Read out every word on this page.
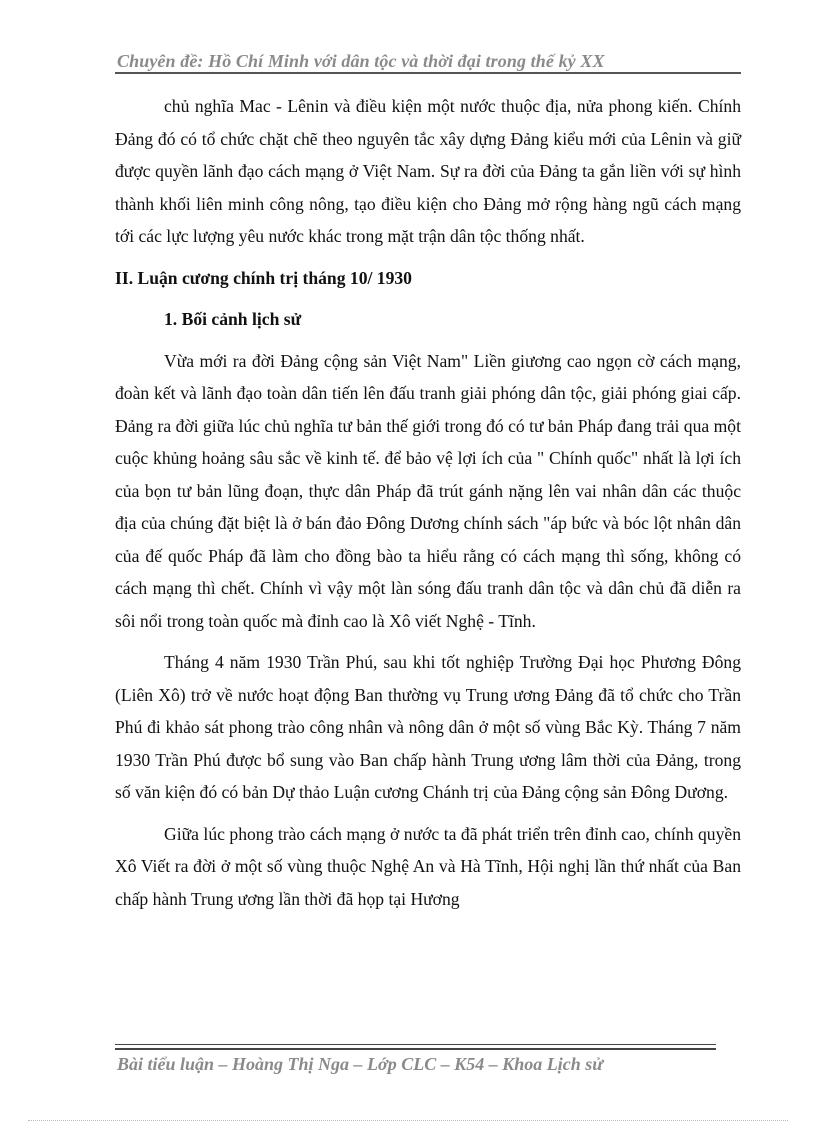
Chuyên đề: Hồ Chí Minh với dân tộc và thời đại trong thế kỷ XX

chủ nghĩa Mac - Lênin và điều kiện một nước thuộc địa, nửa phong kiến. Chính Đảng đó có tổ chức chặt chẽ theo nguyên tắc xây dựng Đảng kiểu mới của Lênin và giữ được quyền lãnh đạo cách mạng ở Việt Nam. Sự ra đời của Đảng ta gắn liền với sự hình thành khối liên minh công nông, tạo điều kiện cho Đảng mở rộng hàng ngũ cách mạng tới các lực lượng yêu nước khác trong mặt trận dân tộc thống nhất.

II. Luận cương chính trị tháng 10/ 1930

1. Bối cảnh lịch sử

Vừa mới ra đời Đảng cộng sản Việt Nam" Liền giương cao ngọn cờ cách mạng, đoàn kết và lãnh đạo toàn dân tiến lên đấu tranh giải phóng dân tộc, giải phóng giai cấp. Đảng ra đời giữa lúc chủ nghĩa tư bản thế giới trong đó có tư bản Pháp đang trải qua một cuộc khủng hoảng sâu sắc về kinh tế. để bảo vệ lợi ích của " Chính quốc" nhất là lợi ích của bọn tư bản lũng đoạn, thực dân Pháp đã trút gánh nặng lên vai nhân dân các thuộc địa của chúng đặt biệt là ở bán đảo Đông Dương chính sách "áp bức và bóc lột nhân dân của đế quốc Pháp đã làm cho đồng bào ta hiểu rằng có cách mạng thì sống, không có cách mạng thì chết. Chính vì vậy một làn sóng đấu tranh dân tộc và dân chủ đã diễn ra sôi nổi trong toàn quốc mà đỉnh cao là Xô viết Nghệ - Tĩnh.

Tháng 4 năm 1930 Trần Phú, sau khi tốt nghiệp Trường Đại học Phương Đông (Liên Xô) trở về nước hoạt động Ban thường vụ Trung ương Đảng đã tổ chức cho Trần Phú đi khảo sát phong trào công nhân và nông dân ở một số vùng Bắc Kỳ. Tháng 7 năm 1930 Trần Phú được bổ sung vào Ban chấp hành Trung ương lâm thời của Đảng, trong số văn kiện đó có bản Dự thảo Luận cương Chánh trị của Đảng cộng sản Đông Dương.

Giữa lúc phong trào cách mạng ở nước ta đã phát triển trên đỉnh cao, chính quyền Xô Viết ra đời ở một số vùng thuộc Nghệ An và Hà Tĩnh, Hội nghị lần thứ nhất của Ban chấp hành Trung ương lần thời đã họp tại Hương

Bài tiểu luận – Hoàng Thị Nga – Lớp CLC – K54 – Khoa Lịch sử
